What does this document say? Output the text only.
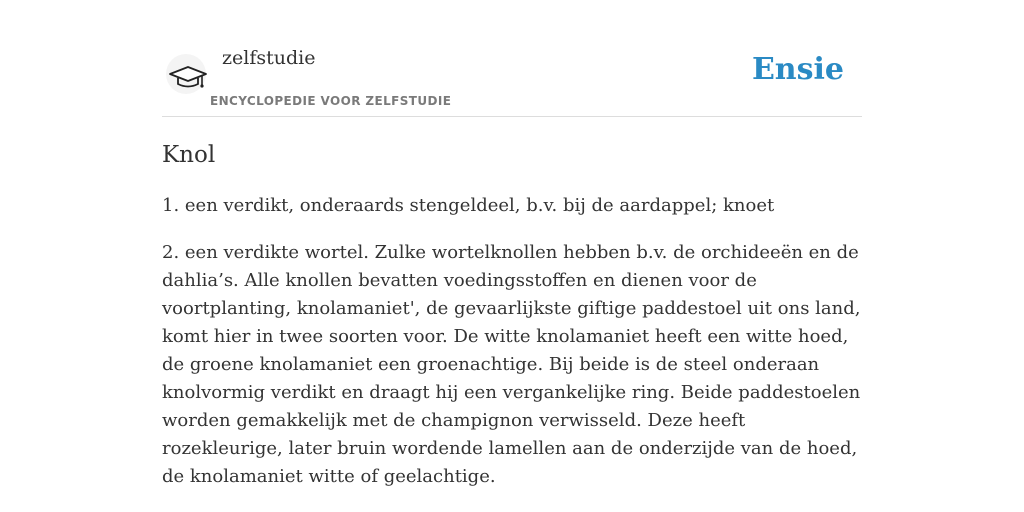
zelfstudie
ENCYCLOPEDIE VOOR ZELFSTUDIE
Ensie
Knol

1. een verdikt, onderaards stengeldeel, b.v. bij de aardappel; knoet

2. een verdikte wortel. Zulke wortelknollen hebben b.v. de orchideeën en de dahlia’s. Alle knollen bevatten voedingsstoffen en dienen voor de voortplanting, knolamaniet', de gevaarlijkste giftige paddestoel uit ons land, komt hier in twee soorten voor. De witte knolamaniet heeft een witte hoed, de groene knolamaniet een groenachtige. Bij beide is de steel onderaan knolvormig verdikt en draagt hij een vergankelijke ring. Beide paddestoelen worden gemakkelijk met de champignon verwisseld. Deze heeft rozekleurige, later bruin wordende lamellen aan de onderzijde van de hoed, de knolamaniet witte of geelachtige.
